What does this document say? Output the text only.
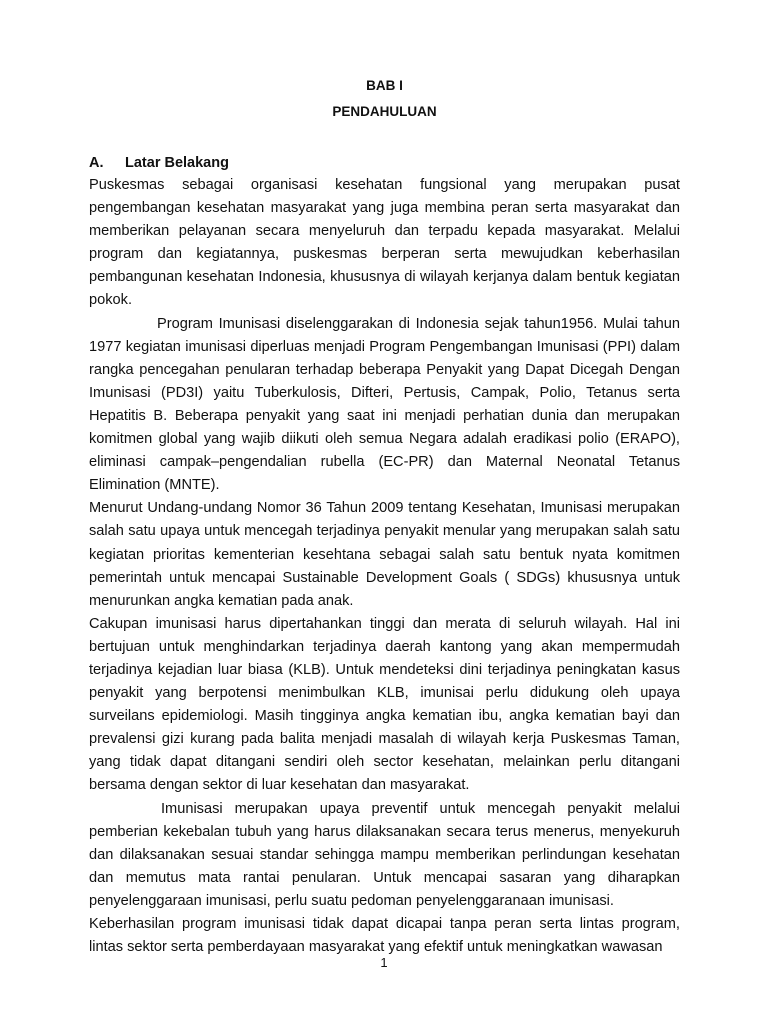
BAB I

PENDAHULUAN

A.	Latar Belakang

Puskesmas sebagai organisasi kesehatan fungsional yang merupakan pusat pengembangan kesehatan masyarakat yang juga membina peran serta masyarakat dan memberikan pelayanan secara menyeluruh dan terpadu kepada masyarakat. Melalui program dan kegiatannya, puskesmas berperan serta mewujudkan keberhasilan pembangunan kesehatan Indonesia, khususnya di wilayah kerjanya dalam bentuk kegiatan pokok.

Program Imunisasi diselenggarakan di Indonesia sejak tahun1956. Mulai tahun 1977 kegiatan imunisasi diperluas menjadi Program Pengembangan Imunisasi (PPI) dalam rangka pencegahan penularan terhadap beberapa Penyakit yang Dapat Dicegah Dengan Imunisasi (PD3I) yaitu Tuberkulosis, Difteri, Pertusis, Campak, Polio, Tetanus serta Hepatitis B. Beberapa penyakit yang saat ini menjadi perhatian dunia dan merupakan komitmen global yang wajib diikuti oleh semua Negara adalah eradikasi polio (ERAPO), eliminasi campak–pengendalian rubella (EC-PR) dan Maternal Neonatal Tetanus Elimination (MNTE).

Menurut Undang-undang Nomor 36 Tahun 2009 tentang Kesehatan, Imunisasi merupakan salah satu upaya untuk mencegah terjadinya penyakit menular yang merupakan salah satu kegiatan prioritas kementerian kesehtana sebagai salah satu bentuk nyata komitmen pemerintah untuk mencapai Sustainable Development Goals ( SDGs) khususnya untuk menurunkan angka kematian pada anak.

Cakupan imunisasi harus dipertahankan tinggi dan merata di seluruh wilayah. Hal ini bertujuan untuk menghindarkan terjadinya daerah kantong yang akan mempermudah terjadinya kejadian luar biasa (KLB). Untuk mendeteksi dini terjadinya peningkatan kasus penyakit yang berpotensi menimbulkan KLB, imunisai perlu didukung oleh upaya surveilans epidemiologi. Masih tingginya angka kematian ibu, angka kematian bayi dan prevalensi gizi kurang pada balita menjadi masalah di wilayah kerja Puskesmas Taman, yang tidak dapat ditangani sendiri oleh sector kesehatan, melainkan perlu ditangani bersama dengan sektor di luar kesehatan dan masyarakat.

Imunisasi merupakan upaya preventif untuk mencegah penyakit melalui pemberian kekebalan tubuh yang harus dilaksanakan secara terus menerus, menyekuruh dan dilaksanakan sesuai standar sehingga mampu memberikan perlindungan kesehatan dan memutus mata rantai penularan. Untuk mencapai sasaran yang diharapkan penyelenggaraan imunisasi, perlu suatu pedoman penyelenggaranaan imunisasi.

Keberhasilan program imunisasi tidak dapat dicapai tanpa peran serta lintas program, lintas sektor serta pemberdayaan masyarakat yang efektif untuk meningkatkan wawasan

1
